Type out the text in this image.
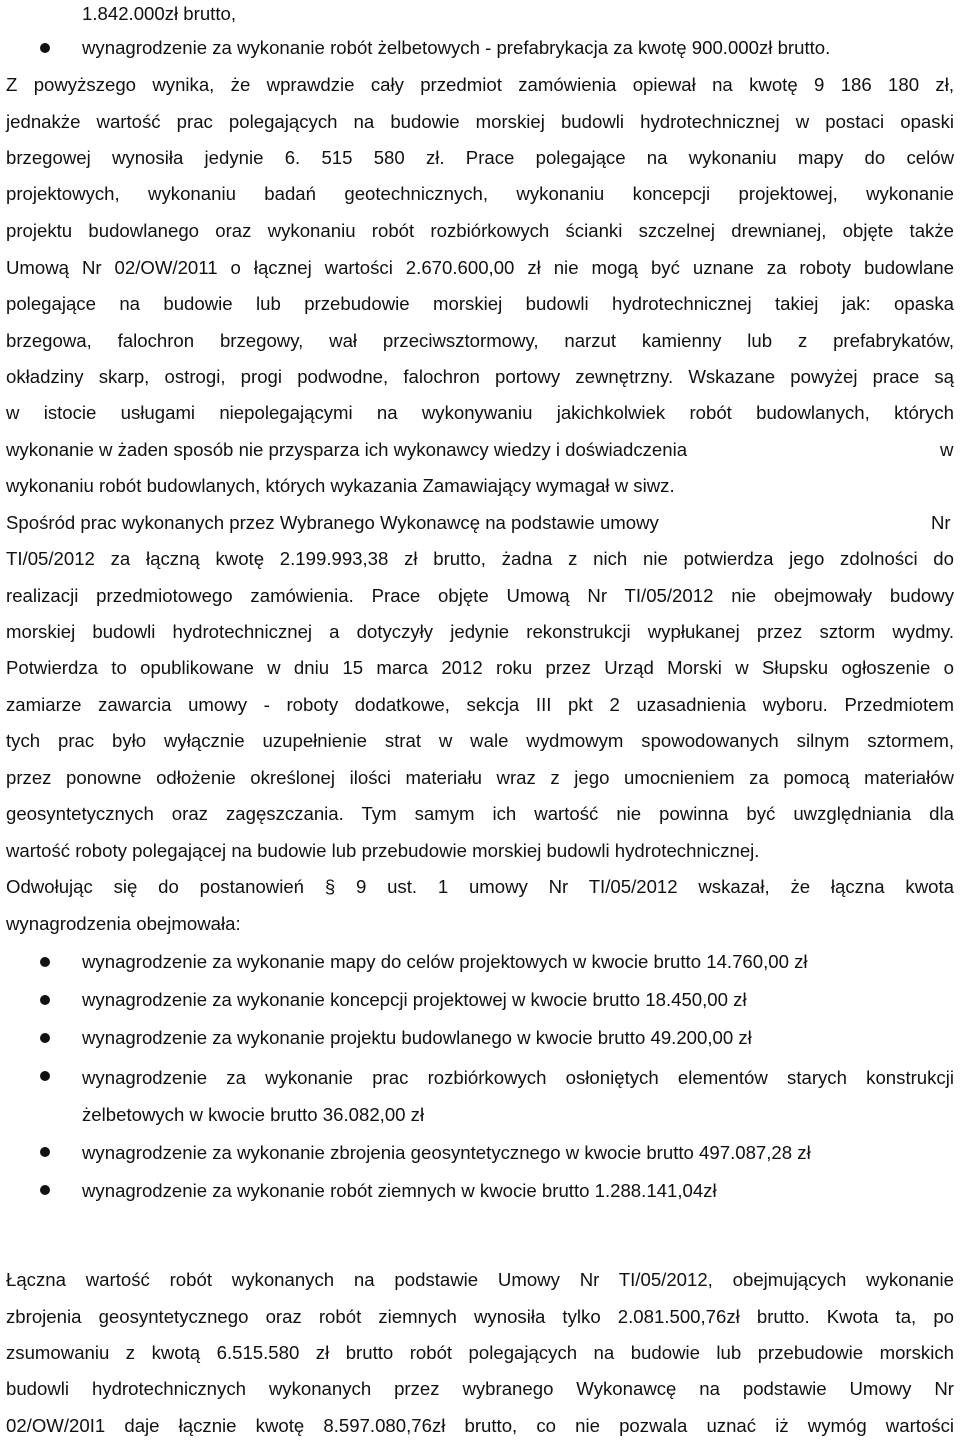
1.842.000zł brutto,
wynagrodzenie za wykonanie robót żelbetowych - prefabrykacja za kwotę 900.000zł brutto.
Z powyższego wynika, że wprawdzie cały przedmiot zamówienia opiewał na kwotę 9 186 180 zł,
jednakże wartość prac polegających na budowie morskiej budowli hydrotechnicznej w postaci opaski
brzegowej wynosiła jedynie 6. 515 580 zł. Prace polegające na wykonaniu mapy do celów
projektowych, wykonaniu badań geotechnicznych, wykonaniu koncepcji projektowej, wykonanie
projektu budowlanego oraz wykonaniu robót rozbiórkowych ścianki szczelnej drewnianej, objęte także
Umową Nr 02/OW/2011 o łącznej wartości 2.670.600,00 zł nie mogą być uznane za roboty budowlane
polegające na budowie lub przebudowie morskiej budowli hydrotechnicznej takiej jak: opaska
brzegowa, falochron brzegowy, wał przeciwsztormowy, narzut kamienny lub z prefabrykatów,
okładziny skarp, ostrogi, progi podwodne, falochron portowy zewnętrzny. Wskazane powyżej prace są
w istocie usługami niepolegającymi na wykonywaniu jakichkolwiek robót budowlanych, których
wykonanie w żaden sposób nie przysparza ich wykonawcy wiedzy i doświadczenia	w
wykonaniu robót budowlanych, których wykazania Zamawiający wymagał w siwz.
Spośród prac wykonanych przez Wybranego Wykonawcę na podstawie umowy	Nr
TI/05/2012 za łączną kwotę 2.199.993,38 zł brutto, żadna z nich nie potwierdza jego zdolności do
realizacji przedmiotowego zamówienia. Prace objęte Umową Nr TI/05/2012 nie obejmowały budowy
morskiej budowli hydrotechnicznej a dotyczyły jedynie rekonstrukcji wypłukanej przez sztorm wydmy.
Potwierdza to opublikowane w dniu 15 marca 2012 roku przez Urząd Morski w Słupsku ogłoszenie o
zamiarze zawarcia umowy - roboty dodatkowe, sekcja III pkt 2 uzasadnienia wyboru. Przedmiotem
tych prac było wyłącznie uzupełnienie strat w wale wydmowym spowodowanych silnym sztormem,
przez ponowne odłożenie określonej ilości materiału wraz z jego umocnieniem za pomocą materiałów
geosyntetycznych oraz zagęszczania. Tym samym ich wartość nie powinna być uwzględniania dla
wartość roboty polegającej na budowie lub przebudowie morskiej budowli hydrotechnicznej.
Odwołując się do postanowień § 9 ust. 1 umowy Nr TI/05/2012 wskazał, że łączna kwota
wynagrodzenia obejmowała:
wynagrodzenie za wykonanie mapy do celów projektowych w kwocie brutto 14.760,00 zł
wynagrodzenie za wykonanie koncepcji projektowej w kwocie brutto 18.450,00 zł
wynagrodzenie za wykonanie projektu budowlanego w kwocie brutto 49.200,00 zł
wynagrodzenie za wykonanie prac rozbiórkowych osłoniętych elementów starych konstrukcji
żelbetowych w kwocie brutto 36.082,00 zł
wynagrodzenie za wykonanie zbrojenia geosyntetycznego w kwocie brutto 497.087,28 zł
wynagrodzenie za wykonanie robót ziemnych w kwocie brutto 1.288.141,04zł
Łączna wartość robót wykonanych na podstawie Umowy Nr TI/05/2012, obejmujących wykonanie
zbrojenia geosyntetycznego oraz robót ziemnych wynosiła tylko 2.081.500,76zł brutto. Kwota ta, po
zsumowaniu z kwotą 6.515.580 zł brutto robót polegających na budowie lub przebudowie morskich
budowli hydrotechnicznych wykonanych przez wybranego Wykonawcę na podstawie Umowy Nr
02/OW/20I1 daje łącznie kwotę 8.597.080,76zł brutto, co nie pozwala uznać iż wymóg wartości
